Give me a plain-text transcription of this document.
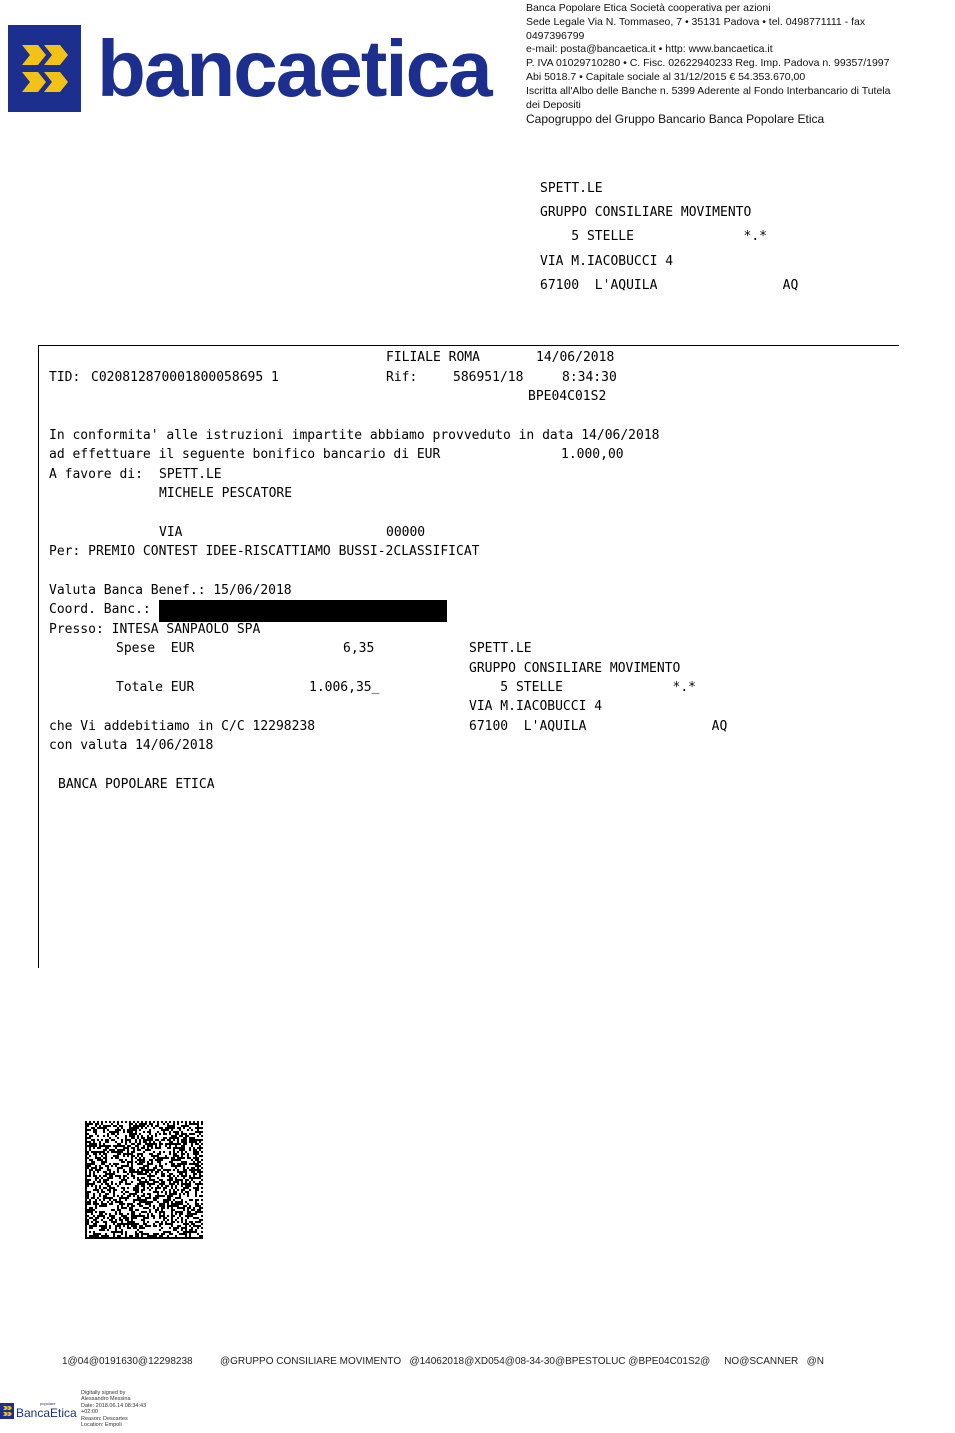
bancaetica
Banca Popolare Etica Società cooperativa per azioni
Sede Legale Via N. Tommaseo, 7 • 35131 Padova • tel. 0498771111 - fax
0497396799
e-mail: posta@bancaetica.it • http: www.bancaetica.it
P. IVA 01029710280 • C. Fisc. 02622940233 Reg. Imp. Padova n. 99357/1997
Abi 5018.7 • Capitale sociale al 31/12/2015 € 54.353.670,00
Iscritta all'Albo delle Banche n. 5399 Aderente al Fondo Interbancario di Tutela
dei Depositi
Capogruppo del Gruppo Bancario Banca Popolare Etica
SPETT.LE
GRUPPO CONSILIARE MOVIMENTO
5 STELLE              *.*
VIA M.IACOBUCCI 4
67100  L'AQUILA                AQ
FILIALE ROMA	14/06/2018
TID: C020812870001800058695 1	Rif:	586951/18	8:34:30
BPE04C01S2
In conformita' alle istruzioni impartite abbiamo provveduto in data 14/06/2018
ad effettuare il seguente bonifico bancario di EUR	1.000,00
A favore di: SPETT.LE
MICHELE PESCATORE
VIA	00000
Per: PREMIO CONTEST IDEE-RISCATTIAMO BUSSI-2CLASSIFICAT
Valuta Banca Benef.: 15/06/2018
Coord. Banc.:
Presso: INTESA SANPAOLO SPA
Spese  EUR	6,35
Totale EUR	1.006,35_
SPETT.LE
GRUPPO CONSILIARE MOVIMENTO
5 STELLE              *.*
VIA M.IACOBUCCI 4
67100  L'AQUILA                AQ
che Vi addebitiamo in C/C 12298238
con valuta 14/06/2018
BANCA POPOLARE ETICA
1@04@0191630@12298238	@GRUPPO CONSILIARE MOVIMENTO   @14062018@XD054@08-34-30@BPESTOLUC @BPE04C01S2@     NO@SCANNER   @N
popolare
BancaEtica
Digitally signed by
Alessandro Messina
Date: 2018.06.14 08:34:43
+02:00
Reason: Descartes
Location: Empoli
